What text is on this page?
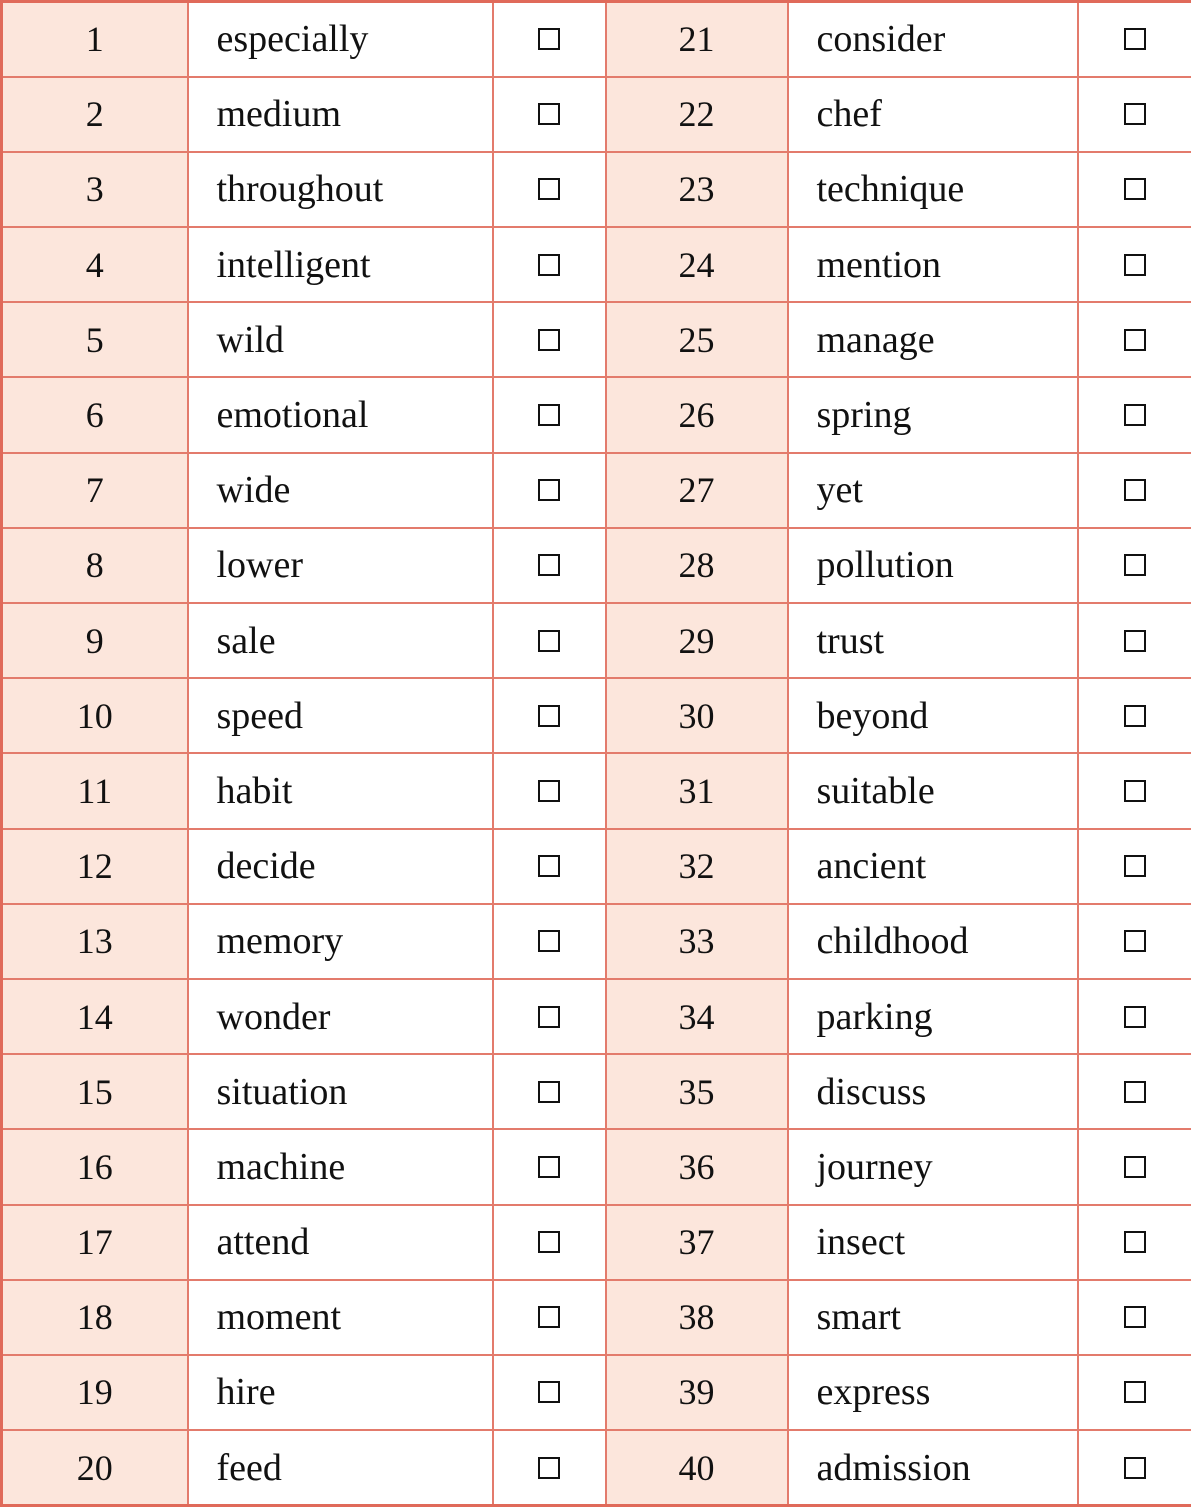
1	especially		21	consider	
2	medium		22	chef	
3	throughout		23	technique	
4	intelligent		24	mention	
5	wild		25	manage	
6	emotional		26	spring	
7	wide		27	yet	
8	lower		28	pollution	
9	sale		29	trust	
10	speed		30	beyond	
11	habit		31	suitable	
12	decide		32	ancient	
13	memory		33	childhood	
14	wonder		34	parking	
15	situation		35	discuss	
16	machine		36	journey	
17	attend		37	insect	
18	moment		38	smart	
19	hire		39	express	
20	feed		40	admission	
